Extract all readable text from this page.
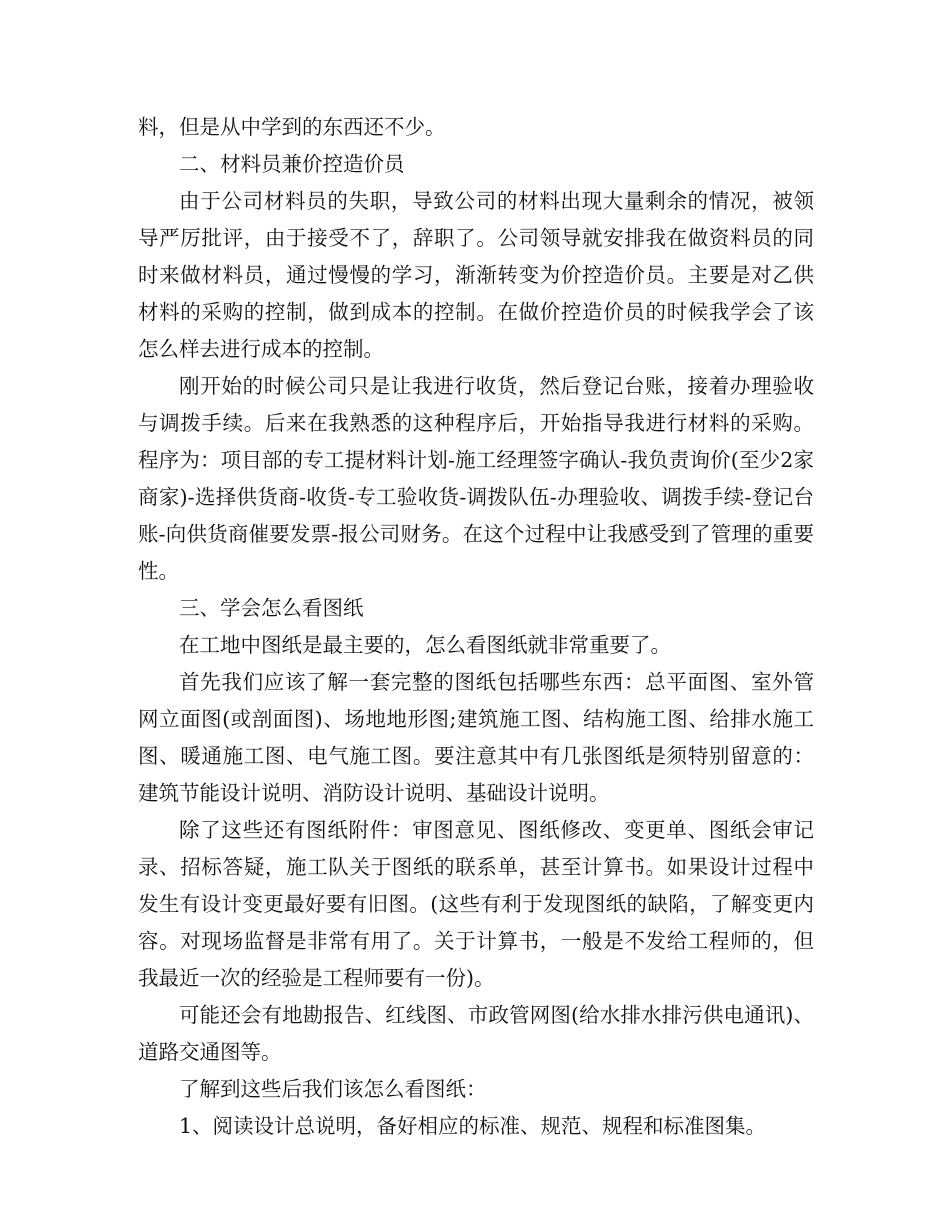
料，但是从中学到的东西还不少。

二、材料员兼价控造价员

由于公司材料员的失职，导致公司的材料出现大量剩余的情况，被领导严厉批评，由于接受不了，辞职了。公司领导就安排我在做资料员的同时来做材料员，通过慢慢的学习，渐渐转变为价控造价员。主要是对乙供材料的采购的控制，做到成本的控制。在做价控造价员的时候我学会了该怎么样去进行成本的控制。

刚开始的时候公司只是让我进行收货，然后登记台账，接着办理验收与调拨手续。后来在我熟悉的这种程序后，开始指导我进行材料的采购。程序为：项目部的专工提材料计划-施工经理签字确认-我负责询价(至少2家商家)-选择供货商-收货-专工验收货-调拨队伍-办理验收、调拨手续-登记台账-向供货商催要发票-报公司财务。在这个过程中让我感受到了管理的重要性。

三、学会怎么看图纸

在工地中图纸是最主要的，怎么看图纸就非常重要了。

首先我们应该了解一套完整的图纸包括哪些东西：总平面图、室外管网立面图(或剖面图)、场地地形图;建筑施工图、结构施工图、给排水施工图、暖通施工图、电气施工图。要注意其中有几张图纸是须特别留意的：建筑节能设计说明、消防设计说明、基础设计说明。

除了这些还有图纸附件：审图意见、图纸修改、变更单、图纸会审记录、招标答疑，施工队关于图纸的联系单，甚至计算书。如果设计过程中发生有设计变更最好要有旧图。(这些有利于发现图纸的缺陷，了解变更内容。对现场监督是非常有用了。关于计算书，一般是不发给工程师的，但我最近一次的经验是工程师要有一份)。

可能还会有地勘报告、红线图、市政管网图(给水排水排污供电通讯)、道路交通图等。

了解到这些后我们该怎么看图纸：

1、阅读设计总说明，备好相应的标准、规范、规程和标准图集。
